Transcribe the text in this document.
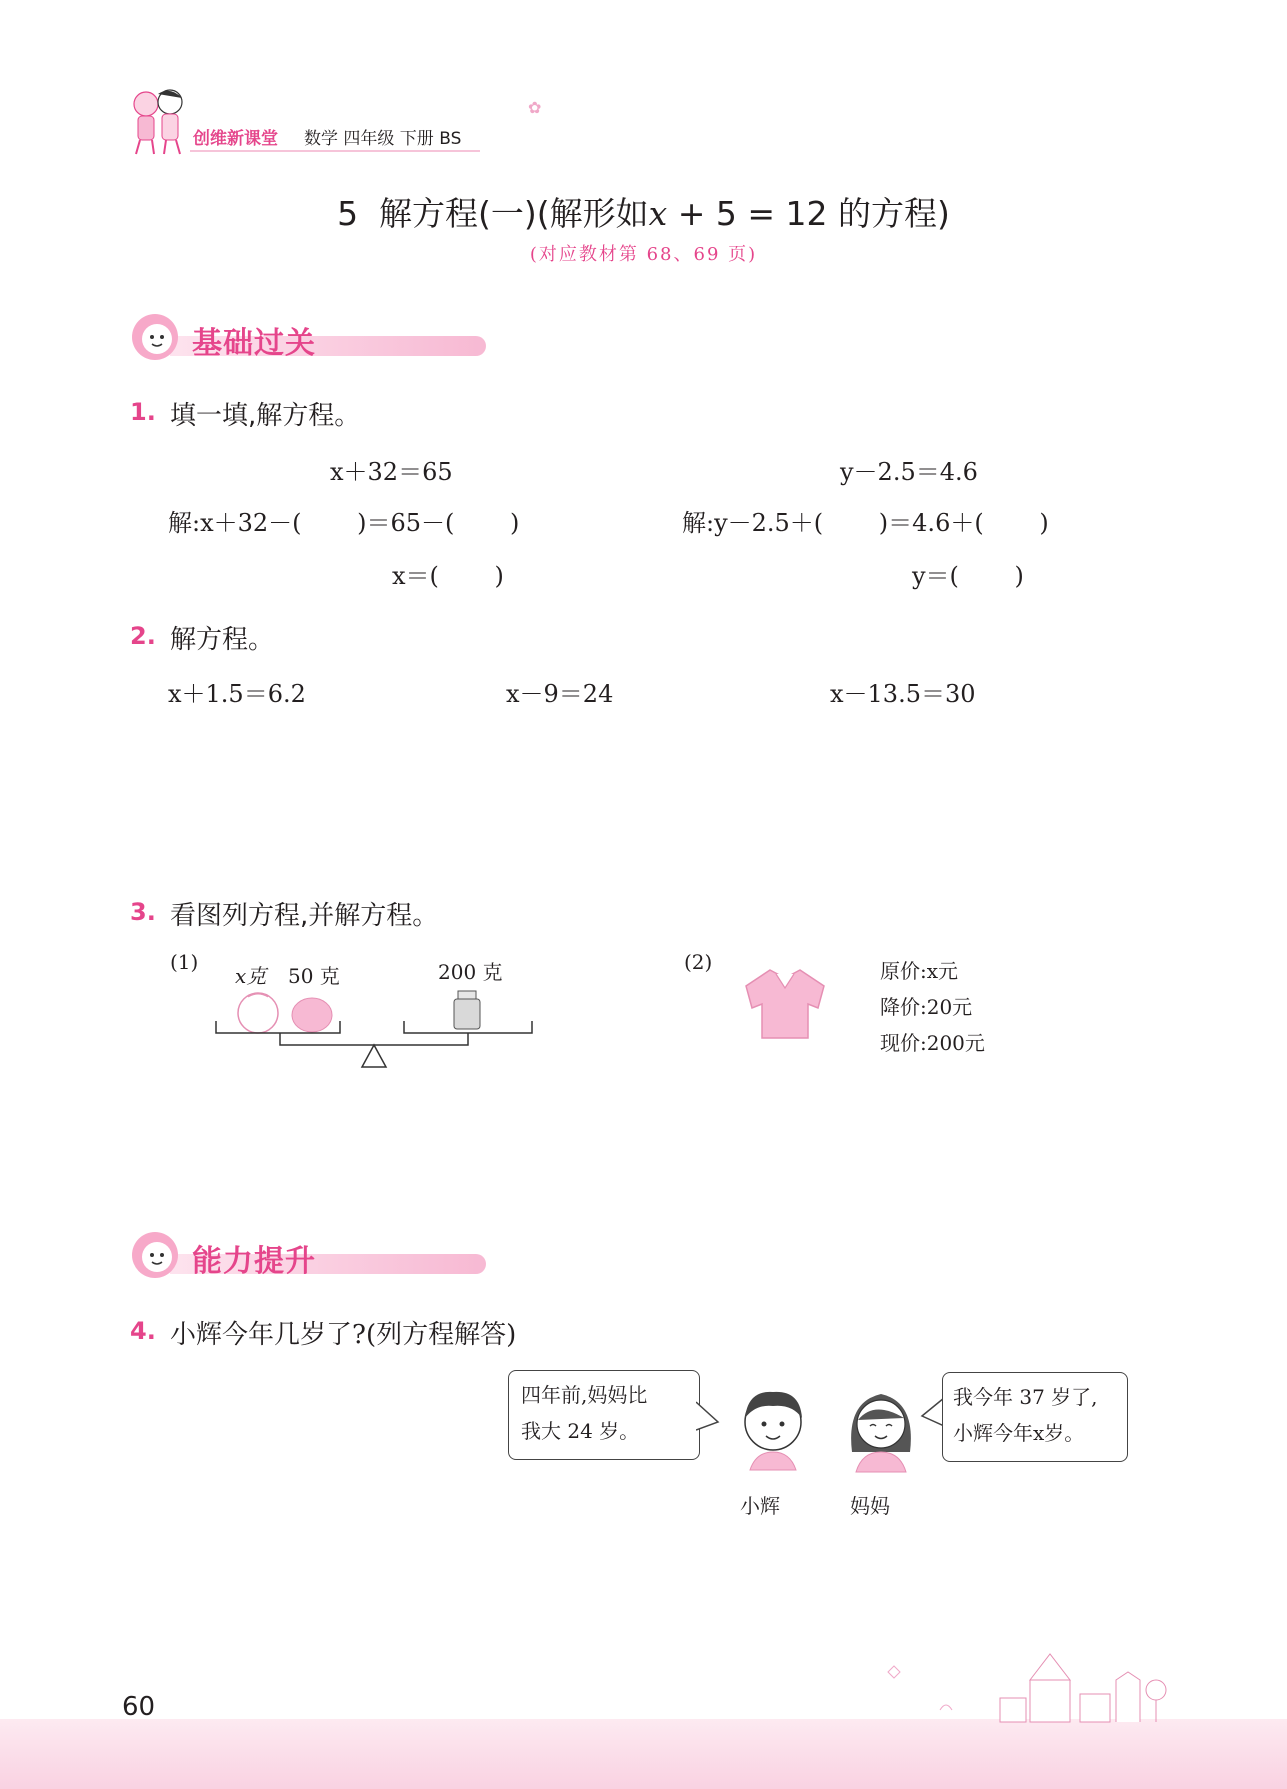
创维新课堂 数学 四年级 下册 BS
✿
5 解方程(一)(解形如x + 5 = 12 的方程)
(对应教材第 68、69 页)
基础过关
1. 填一填,解方程。
x＋32＝65
解:x＋32－(　　 )＝65－(　　 )
x＝(　　 )
y－2.5＝4.6
解:y－2.5＋(　　 )＝4.6＋(　　 )
y＝(　　 )
2. 解方程。
x＋1.5＝6.2	x－9＝24	x－13.5＝30
3. 看图列方程,并解方程。
(1)
x克 50 克	200 克	(2)	原价:x元
降价:20元
现价:200元
能力提升
4. 小辉今年几岁了?(列方程解答)
四年前,妈妈比
我大 24 岁。
我今年 37 岁了,
小辉今年x岁。
小辉	妈妈
60
